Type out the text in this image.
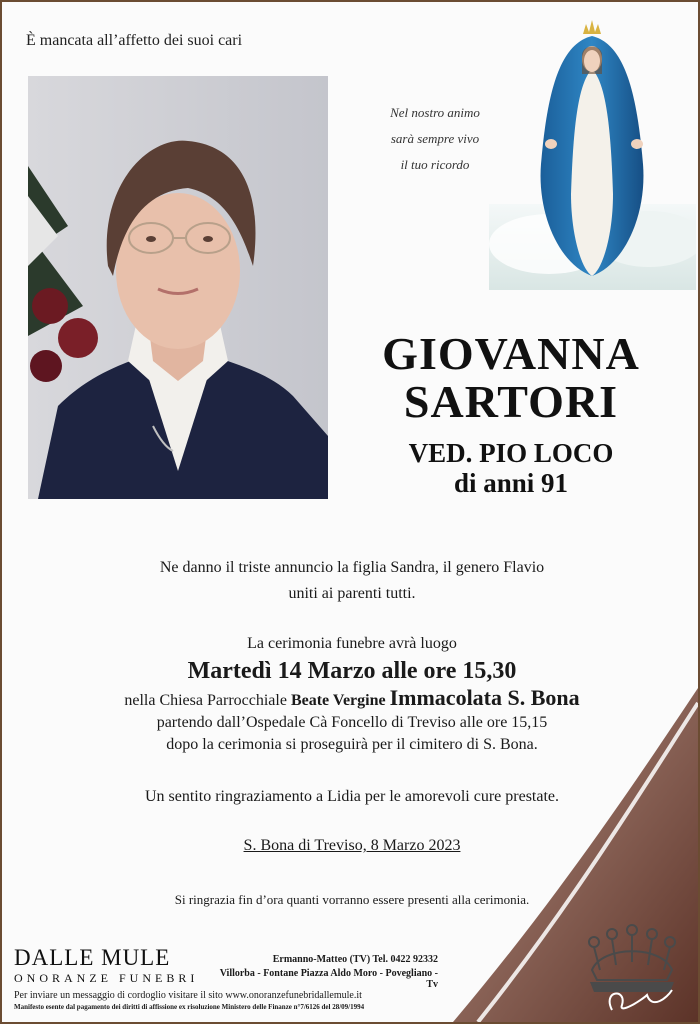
È mancata all’affetto dei suoi cari
Nel nostro animo
sarà sempre vivo
il tuo ricordo
GIOVANNA
SARTORI
VED. PIO LOCO
di anni 91
Ne danno il triste annuncio la figlia Sandra, il genero Flavio
uniti ai parenti tutti.
La cerimonia funebre avrà luogo
Martedì 14 Marzo alle ore 15,30
nella Chiesa Parrocchiale Beate Vergine Immacolata S. Bona
partendo dall’Ospedale Cà Foncello di Treviso alle ore 15,15
dopo la cerimonia si proseguirà per il cimitero di S. Bona.
Un sentito ringraziamento a Lidia per le amorevoli cure prestate.
S. Bona di Treviso, 8 Marzo 2023
Si ringrazia fin d’ora quanti vorranno essere presenti alla cerimonia.
DALLE MULE
ONORANZE FUNEBRI
Ermanno-Matteo (TV) Tel. 0422 92332
Villorba - Fontane Piazza Aldo Moro - Povegliano - Tv
Per inviare un messaggio di cordoglio visitare il sito www.onoranzefunebridallemule.it
Manifesto esente dal pagamento dei diritti di affissione ex risoluzione Ministero delle Finanze n°7/6126 del 28/09/1994
